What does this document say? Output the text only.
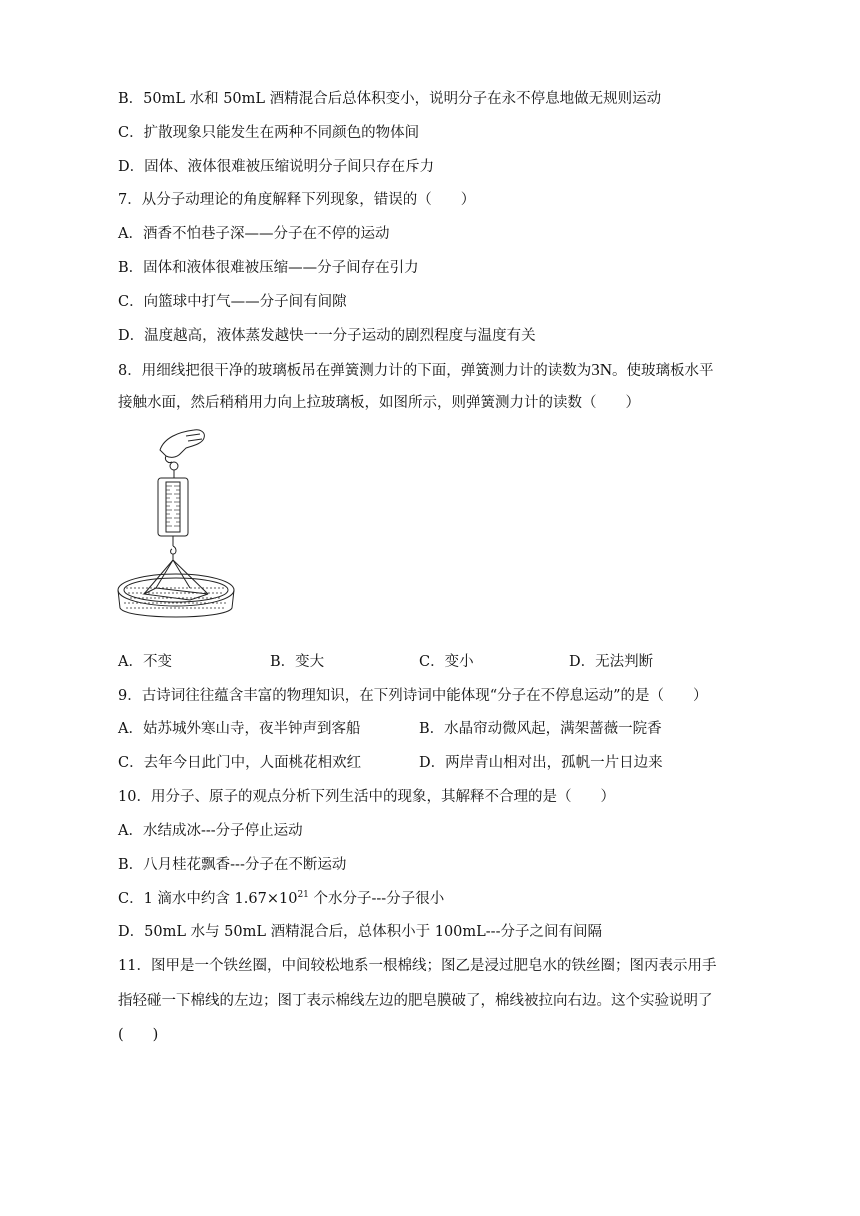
B．50mL 水和 50mL 酒精混合后总体积变小，说明分子在永不停息地做无规则运动
C．扩散现象只能发生在两种不同颜色的物体间
D．固体、液体很难被压缩说明分子间只存在斥力
7．从分子动理论的角度解释下列现象，错误的（　　）
A．酒香不怕巷子深——分子在不停的运动
B．固体和液体很难被压缩——分子间存在引力
C．向篮球中打气——分子间有间隙
D．温度越高，液体蒸发越快一一分子运动的剧烈程度与温度有关
8．用细线把很干净的玻璃板吊在弹簧测力计的下面，弹簧测力计的读数为3N。使玻璃板水平
接触水面，然后稍稍用力向上拉玻璃板，如图所示，则弹簧测力计的读数（　　）
A．不变	B．变大	C．变小	D．无法判断
9．古诗词往往蕴含丰富的物理知识，在下列诗词中能体现“分子在不停息运动”的是（　　）
A．姑苏城外寒山寺，夜半钟声到客船	B．水晶帘动微风起，满架蔷薇一院香
C．去年今日此门中，人面桃花相欢红	D．两岸青山相对出，孤帆一片日边来
10．用分子、原子的观点分析下列生活中的现象，其解释不合理的是（　　）
A．水结成冰---分子停止运动
B．八月桂花飘香---分子在不断运动
C．1 滴水中约含 $1.67\times 10^{21}$ 个水分子---分子很小
D．50mL 水与 50mL 酒精混合后，总体积小于 100mL---分子之间有间隔
11．图甲是一个铁丝圈，中间较松地系一根棉线；图乙是浸过肥皂水的铁丝圈；图丙表示用手
指轻碰一下棉线的左边；图丁表示棉线左边的肥皂膜破了，棉线被拉向右边。这个实验说明了
(　　)
